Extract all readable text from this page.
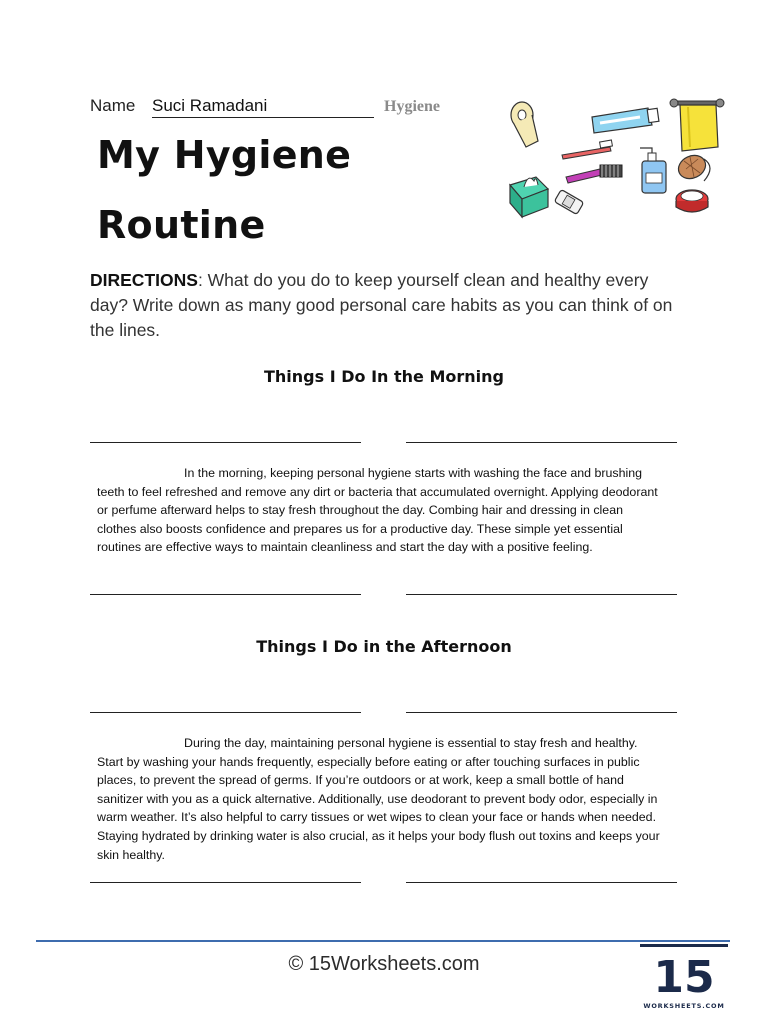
Name Suci Ramadani	Hygiene
My Hygiene
Routine
DIRECTIONS: What do you do to keep yourself clean and healthy every day? Write down as many good personal care habits as you can think of on the lines.
Things I Do In the Morning
In the morning, keeping personal hygiene starts with washing the face and brushing teeth to feel refreshed and remove any dirt or bacteria that accumulated overnight. Applying deodorant or perfume afterward helps to stay fresh throughout the day. Combing hair and dressing in clean clothes also boosts confidence and prepares us for a productive day. These simple yet essential routines are effective ways to maintain cleanliness and start the day with a positive feeling.
Things I Do in the Afternoon
During the day, maintaining personal hygiene is essential to stay fresh and healthy. Start by washing your hands frequently, especially before eating or after touching surfaces in public places, to prevent the spread of germs. If you’re outdoors or at work, keep a small bottle of hand sanitizer with you as a quick alternative. Additionally, use deodorant to prevent body odor, especially in warm weather. It’s also helpful to carry tissues or wet wipes to clean your face or hands when needed. Staying hydrated by drinking water is also crucial, as it helps your body flush out toxins and keeps your skin healthy.
© 15Worksheets.com	15
WORKSHEETS.COM
